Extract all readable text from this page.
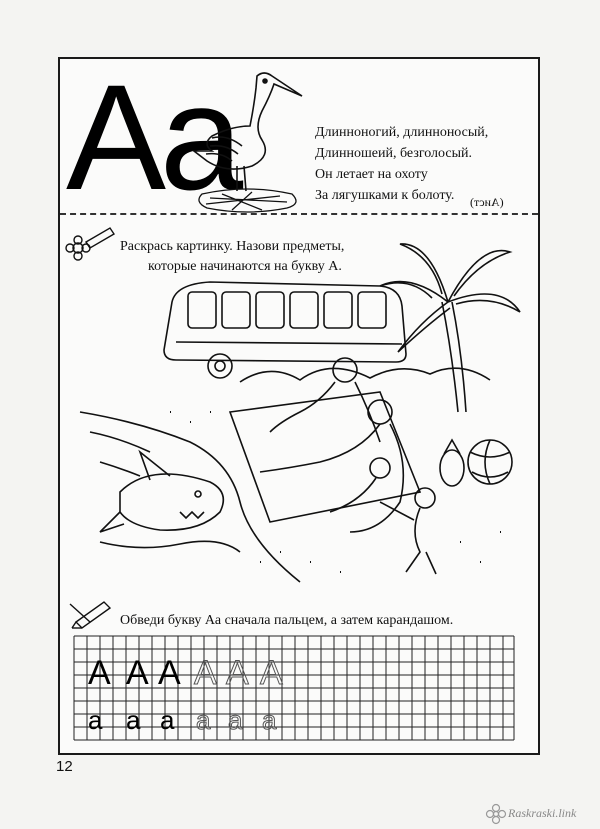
Аа	Длинноногий, длинноносый,
Длинношеий, безголосый.
Он летает на охоту
За лягушками к болоту.	(Аист)
Раскрась картинку. Назови предметы,
которые начинаются на букву А.
Обведи букву Аа сначала пальцем, а затем карандашом.
А А А А А А
а а а а а а
12
Raskraski.link
